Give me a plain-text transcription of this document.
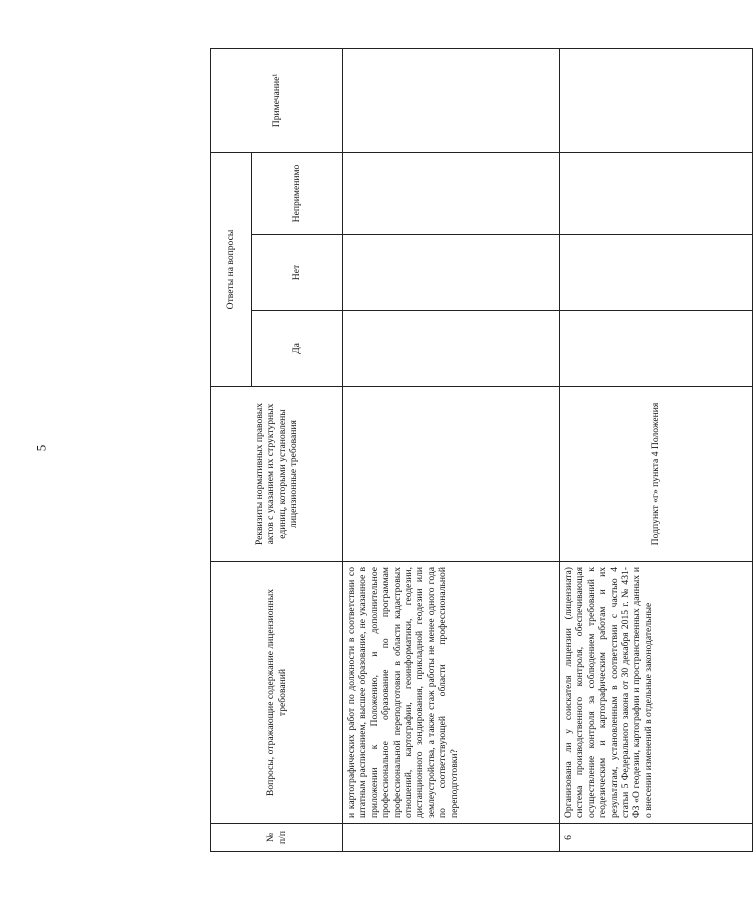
5
№ п/п	Вопросы, отражающие содержание лицензионных требований	Реквизиты нормативных правовых актов с указанием их структурных единиц, которыми установлены лицензионные требования	Ответы на вопросы			Примечание¹
			Да	Нет	Неприменимо	
	и картографических работ по должности в соответствии со штатным расписанием, высшее образование, не указанное в приложении к Положению, и дополнительное профессиональное образование по программам профессиональной переподготовки в области кадастровых отношений, картографии, геоинформатики, геодезии, дистанционного зондирования, прикладной геодезии или землеустройства, а также стаж работы не менее одного года по соответствующей области профессиональной переподготовки?					
6	Организована ли у соискателя лицензии (лицензиата) система производственного контроля, обеспечивающая осуществление контроля за соблюдением требований к геодезическим и картографическим работам и их результатам, установленным в соответствии с частью 4 статьи 5 Федерального закона от 30 декабря 2015 г. № 431-ФЗ «О геодезии, картографии и пространственных данных и о внесении изменений в отдельные законодательные	Подпункт «г» пункта 4 Положения				
